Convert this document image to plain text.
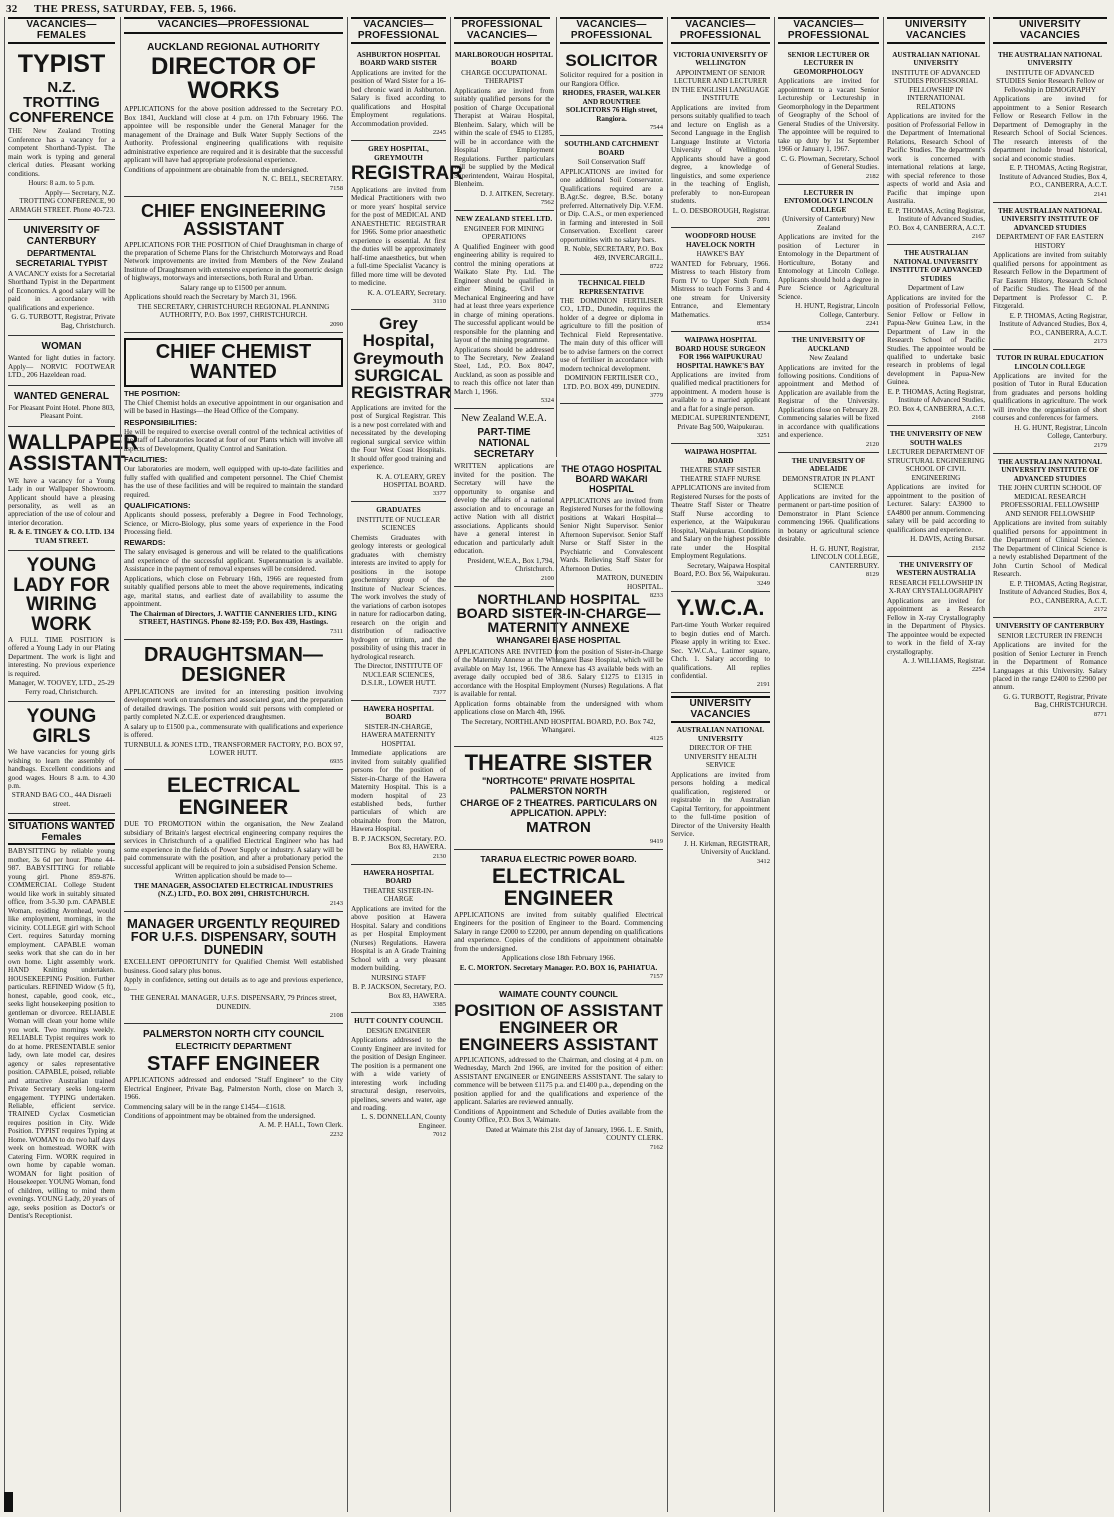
32 THE PRESS, SATURDAY, FEB. 5, 1966.
VACANCIES—FEMALES
TYPIST
N.Z. TROTTING CONFERENCE

THE New Zealand Trotting Conference has a vacancy for a competent Shorthand-Typist. The main work is typing and general clerical duties. Pleasant working conditions.

Hours: 8 a.m. to 5 p.m.

Apply— Secretary, N.Z. TROTTING CONFERENCE, 90 ARMAGH STREET. Phone 40-723.

UNIVERSITY OF CANTERBURY
DEPARTMENTAL SECRETARIAL TYPIST

A VACANCY exists for a Secretarial Shorthand Typist in the Department of Economics. A good salary will be paid in accordance with qualifications and experience.

G. G. TURBOTT, Registrar, Private Bag, Christchurch.

WOMAN

Wanted for light duties in factory. Apply— NORVIC FOOTWEAR LTD., 206 Hazeldean road.

WANTED GENERAL

For Pleasant Point Hotel. Phone 803, Pleasant Point.

WALLPAPER ASSISTANT

WE have a vacancy for a Young Lady in our Wallpaper Showroom. Applicant should have a pleasing personality, as well as an appreciation of the use of colour and interior decoration.

R. & E. TINGEY & CO. LTD. 134 TUAM STREET.

YOUNG LADY FOR WIRING WORK

A FULL TIME POSITION is offered a Young Lady in our Plating Department. The work is light and interesting. No previous experience is required.

Manager, W. TOOVEY, LTD., 25-29 Ferry road, Christchurch.

YOUNG GIRLS

We have vacancies for young girls wishing to learn the assembly of handbags. Excellent conditions and good wages. Hours 8 a.m. to 4.30 p.m.

STRAND BAG CO., 44A Disraeli street.

SITUATIONS WANTED Females

BABYSITTING by reliable young mother, 3s 6d per hour. Phone 44-987. BABYSITTING for reliable young girl. Phone 859-876. COMMERCIAL College Student would like work in suitably situated office, from 3-5.30 p.m. CAPABLE Woman, residing Avonhead, would like employment, mornings, in the vicinity. COLLEGE girl with School Cert. requires Saturday morning employment. CAPABLE woman seeks work that she can do in her own home. Light assembly work. HAND Knitting undertaken. HOUSEKEEPING Position. Further particulars. REFINED Widow (5 ft), honest, capable, good cook, etc., seeks light housekeeping position to gentleman or divorcee. RELIABLE Woman will clean your home while you work. Two mornings weekly. RELIABLE Typist requires work to do at home. PRESENTABLE senior lady, own late model car, desires agency or sales representative position. CAPABLE, poised, reliable and attractive Australian trained Private Secretary seeks long-term engagement. TYPING undertaken. Reliable, efficient service. TRAINED Cyclax Cosmetician requires position in City. Wide Position. TYPIST requires Typing at Home. WOMAN to do two half days week on homestead. WORK with Catering Firm. WORK required in own home by capable woman. WOMAN for light position of Housekeeper. YOUNG Woman, fond of children, willing to mind them evenings. YOUNG Lady, 20 years of age, seeks position as Doctor's or Dentist's Receptionist.

VACANCIES—PROFESSIONAL
AUCKLAND REGIONAL AUTHORITY
DIRECTOR OF WORKS

APPLICATIONS for the above position addressed to the Secretary P.O. Box 1841, Auckland will close at 4 p.m. on 17th February 1966. The appointee will be responsible under the General Manager for the management of the Drainage and Bulk Water Supply Sections of the Authority. Professional engineering qualifications with requisite administrative experience are required and it is desirable that the successful applicant will have had appropriate professional experience.

Conditions of appointment are obtainable from the undersigned.

N. C. BELL, SECRETARY.

7158

CHIEF ENGINEERING ASSISTANT

APPLICATIONS FOR THE POSITION of Chief Draughtsman in charge of the preparation of Scheme Plans for the Christchurch Motorways and Road Network improvements are invited from Members of the New Zealand Institute of Draughtsmen with extensive experience in the geometric design of highways, motorways and intersections, both Rural and Urban.

Salary range up to £1500 per annum.

Applications should reach the Secretary by March 31, 1966.

THE SECRETARY, CHRISTCHURCH REGIONAL PLANNING AUTHORITY, P.O. Box 1997, CHRISTCHURCH.

2090

CHIEF CHEMIST WANTED
THE POSITION:

The Chief Chemist holds an executive appointment in our organisation and will be based in Hastings—the Head Office of the Company.

RESPONSIBILITIES:

He will be required to exercise overall control of the technical activities of the staff of Laboratories located at four of our Plants which will involve all aspects of Development, Quality Control and Sanitation.

FACILITIES:

Our laboratories are modern, well equipped with up-to-date facilities and fully staffed with qualified and competent personnel. The Chief Chemist has the use of these facilities and will be required to maintain the standard required.

QUALIFICATIONS:

Applicants should possess, preferably a Degree in Food Technology, Science, or Micro-Biology, plus some years of experience in the Food Processing field.

REWARDS:

The salary envisaged is generous and will be related to the qualifications and experience of the successful applicant. Superannuation is available. Assistance in the payment of removal expenses will be considered.

Applications, which close on February 16th, 1966 are requested from suitably qualified persons able to meet the above requirements, indicating age, marital status, and earliest date of availability to assume the appointment.

The Chairman of Directors, J. WATTIE CANNERIES LTD., KING STREET, HASTINGS. Phone 82-159; P.O. Box 439, Hastings.

7311

DRAUGHTSMAN—DESIGNER

APPLICATIONS are invited for an interesting position involving development work on transformers and associated gear, and the preparation of detailed drawings. The position would suit persons with completed or partly completed N.Z.C.E. or experienced draughtsmen.

A salary up to £1500 p.a., commensurate with qualifications and experience is offered.

TURNBULL & JONES LTD., TRANSFORMER FACTORY, P.O. BOX 97, LOWER HUTT.

6935

ELECTRICAL ENGINEER

DUE TO PROMOTION within the organisation, the New Zealand subsidiary of Britain's largest electrical engineering company requires the services in Christchurch of a qualified Electrical Engineer who has had some experience in the fields of Power Supply or industry. A salary will be paid commensurate with the position, and after a probationary period the successful applicant will be required to join a subsidised Pension Scheme.

Written application should be made to—

THE MANAGER, ASSOCIATED ELECTRICAL INDUSTRIES (N.Z.) LTD., P.O. BOX 2091, CHRISTCHURCH.

2143

MANAGER URGENTLY REQUIRED FOR U.F.S. DISPENSARY, SOUTH DUNEDIN

EXCELLENT OPPORTUNITY for Qualified Chemist Well established business. Good salary plus bonus.

Apply in confidence, setting out details as to age and previous experience, to—

THE GENERAL MANAGER, U.F.S. DISPENSARY, 79 Princes street, DUNEDIN.

2108

PALMERSTON NORTH CITY COUNCIL
ELECTRICITY DEPARTMENT
STAFF ENGINEER

APPLICATIONS addressed and endorsed "Staff Engineer" to the City Electrical Engineer, Private Bag, Palmerston North, close on March 3, 1966.

Commencing salary will be in the range £1454—£1618.

Conditions of appointment may be obtained from the undersigned.

A. M. P. HALL, Town Clerk.

2232

VACANCIES—PROFESSIONAL
ASHBURTON HOSPITAL BOARD WARD SISTER

Applications are invited for the position of Ward Sister for a 16-bed chronic ward in Ashburton. Salary is fixed according to qualifications and Hospital Employment regulations. Accommodation provided.

2245

GREY HOSPITAL, GREYMOUTH
REGISTRAR

Applications are invited from Medical Practitioners with two or more years' hospital service for the post of MEDICAL AND ANAESTHETIC REGISTRAR for 1966. Some prior anaesthetic experience is essential. At first the duties will be approximately half-time anaesthetics, but when a full-time Specialist Vacancy is filled more time will be devoted to medicine.

K. A. O'LEARY, Secretary.

3110

Grey Hospital, Greymouth SURGICAL REGISTRAR

Applications are invited for the post of Surgical Registrar. This is a new post correlated with and necessitated by the developing regional surgical service within the Four West Coast Hospitals. It should offer good training and experience.

K. A. O'LEARY, GREY HOSPITAL BOARD.

3377

GRADUATES
INSTITUTE OF NUCLEAR SCIENCES

Chemists Graduates with geology interests or geological graduates with chemistry interests are invited to apply for positions in the isotope geochemistry group of the Institute of Nuclear Sciences. The work involves the study of the variations of carbon isotopes in nature for radiocarbon dating, research on the origin and distribution of radioactive hydrogen or tritium, and the possibility of using this tracer in hydrological research.

The Director, INSTITUTE OF NUCLEAR SCIENCES, D.S.I.R., LOWER HUTT.

7377

HAWERA HOSPITAL BOARD
SISTER-IN-CHARGE, HAWERA MATERNITY HOSPITAL

Immediate applications are invited from suitably qualified persons for the position of Sister-in-Charge of the Hawera Maternity Hospital. This is a modern hospital of 23 established beds, further particulars of which are obtainable from the Matron, Hawera Hospital.

B. P. JACKSON, Secretary. P.O. Box 83, HAWERA.

2130

HAWERA HOSPITAL BOARD
THEATRE SISTER-IN-CHARGE

Applications are invited for the above position at Hawera Hospital. Salary and conditions as per Hospital Employment (Nurses) Regulations. Hawera Hospital is an A Grade Training School with a very pleasant modern building.

NURSING STAFF

B. P. JACKSON, Secretary, P.O. Box 83, HAWERA.

3385

HUTT COUNTY COUNCIL
DESIGN ENGINEER

Applications addressed to the County Engineer are invited for the position of Design Engineer. The position is a permanent one with a wide variety of interesting work including structural design, reservoirs, pipelines, sewers and water, age and roading.

L. S. DONNELLAN, County Engineer.

7012

PROFESSIONAL VACANCIES—
MARLBOROUGH HOSPITAL BOARD
CHARGE OCCUPATIONAL THERAPIST

Applications are invited from suitably qualified persons for the position of Charge Occupational Therapist at Wairau Hospital, Blenheim. Salary, which will be within the scale of £945 to £1285, will be in accordance with the Hospital Employment Regulations. Further particulars will be supplied by the Medical Superintendent, Wairau Hospital, Blenheim.

D. J. AITKEN, Secretary.

7562

NEW ZEALAND STEEL LTD.
ENGINEER FOR MINING OPERATIONS

A Qualified Engineer with good engineering ability is required to control the mining operations at Waikato Slate Pty. Ltd. The Engineer should be qualified in either Mining, Civil or Mechanical Engineering and have had at least three years experience in charge of mining operations. The successful applicant would be responsible for the planning and layout of the mining programme.

Applications should be addressed to The Secretary, New Zealand Steel, Ltd., P.O. Box 8047, Auckland, as soon as possible and to reach this office not later than March 1, 1966.

5324

New Zealand W.E.A.
PART-TIME NATIONAL SECRETARY

WRITTEN applications are invited for the position. The Secretary will have the opportunity to organise and develop the affairs of a national association and to encourage an active Nation with all district associations. Applicants should have a general interest in education and particularly adult education.

President, W.E.A., Box 1,794, Christchurch.

2100

NORTHLAND HOSPITAL BOARD SISTER-IN-CHARGE—MATERNITY ANNEXE
WHANGAREI BASE HOSPITAL

APPLICATIONS ARE INVITED from the position of Sister-in-Charge of the Maternity Annexe at the Whangarei Base Hospital, which will be available on May 1st, 1966. The Annexe has 43 available beds with an average daily occupied bed of 38.6. Salary £1275 to £1315 in accordance with the Hospital Employment (Nurses) Regulations. A flat is available for rental.

Application forms obtainable from the undersigned with whom applications close on March 4th, 1966.

The Secretary, NORTHLAND HOSPITAL BOARD, P.O. Box 742, Whangarei.

4125

THEATRE SISTER
"NORTHCOTE" PRIVATE HOSPITAL PALMERSTON NORTH
CHARGE OF 2 THEATRES. PARTICULARS ON APPLICATION. APPLY:
MATRON

9419

TARARUA ELECTRIC POWER BOARD.
ELECTRICAL ENGINEER

APPLICATIONS are invited from suitably qualified Electrical Engineers for the position of Engineer to the Board. Commencing Salary in range £2000 to £2200, per annum depending on qualifications and experience. Copies of the conditions of appointment obtainable from the undersigned.

Applications close 18th February 1966.

E. C. MORTON. Secretary Manager. P.O. BOX 16, PAHIATUA.

7157

WAIMATE COUNTY COUNCIL
POSITION OF ASSISTANT ENGINEER OR ENGINEERS ASSISTANT

APPLICATIONS, addressed to the Chairman, and closing at 4 p.m. on Wednesday, March 2nd 1966, are invited for the position of either: ASSISTANT ENGINEER or ENGINEERS ASSISTANT. The salary to commence will be between £1175 p.a. and £1400 p.a., depending on the position applied for and the qualifications and experience of the applicant. Salaries are reviewed annually.

Conditions of Appointment and Schedule of Duties available from the County Office, P.O. Box 3, Waimate.

Dated at Waimate this 21st day of January, 1966. L. E. Smith, COUNTY CLERK.

7162

VACANCIES—PROFESSIONAL
SOLICITOR

Solicitor required for a position in our Rangiora Office.

RHODES, FRASER, WALKER AND ROUNTREE SOLICITORS 76 High street, Rangiora.

7544

SOUTHLAND CATCHMENT BOARD
Soil Conservation Staff

APPLICATIONS are invited for one additional Soil Conservator. Qualifications required are a B.Agr.Sc. degree, B.Sc. botany preferred. Alternatively Dip. V.F.M. or Dip. C.A.S., or men experienced in farming and interested in Soil Conservation. Excellent career opportunities with no salary bars.

R. Noble, SECRETARY, P.O. Box 469, INVERCARGILL.

8722

TECHNICAL FIELD REPRESENTATIVE

THE DOMINION FERTILISER CO., LTD., Dunedin, requires the holder of a degree or diploma in agriculture to fill the position of Technical Field Representative. The main duty of this officer will be to advise farmers on the correct use of fertiliser in accordance with modern technical development.

DOMINION FERTILISER CO., LTD. P.O. BOX 499, DUNEDIN.

3779

THE OTAGO HOSPITAL BOARD WAKARI HOSPITAL

APPLICATIONS are invited from Registered Nurses for the following positions at Wakari Hospital— Senior Night Supervisor. Senior Afternoon Supervisor. Senior Staff Nurse or Staff Sister in the Psychiatric and Convalescent Wards. Relieving Staff Sister for Afternoon Duties.

MATRON, DUNEDIN HOSPITAL.

8233

VACANCIES—PROFESSIONAL
VICTORIA UNIVERSITY OF WELLINGTON
APPOINTMENT OF SENIOR LECTURER AND LECTURER IN THE ENGLISH LANGUAGE INSTITUTE

Applications are invited from persons suitably qualified to teach and lecture on English as a Second Language in the English Language Institute at Victoria University of Wellington. Applicants should have a good degree, a knowledge of linguistics, and some experience in the teaching of English, preferably to non-European students.

L. O. DESBOROUGH, Registrar.

2091

WOODFORD HOUSE HAVELOCK NORTH
HAWKE'S BAY

WANTED for February, 1966. Mistress to teach History from Form IV to Upper Sixth Form. Mistress to teach Forms 3 and 4 one stream for University Entrance, and Elementary Mathematics.

8534

WAIPAWA HOSPITAL BOARD HOUSE SURGEON FOR 1966 WAIPUKURAU HOSPITAL HAWKE'S BAY

Applications are invited from qualified medical practitioners for appointment. A modern house is available to a married applicant and a flat for a single person.

MEDICAL SUPERINTENDENT, Private Bag 500, Waipukurau.

3251

WAIPAWA HOSPITAL BOARD
THEATRE STAFF SISTER THEATRE STAFF NURSE

APPLICATIONS are invited from Registered Nurses for the posts of Theatre Staff Sister or Theatre Staff Nurse according to experience, at the Waipukurau Hospital, Waipukurau. Conditions and Salary on the highest possible rate under the Hospital Employment Regulations.

Secretary, Waipawa Hospital Board, P.O. Box 56, Waipukurau.

3249

Y.W.C.A.

Part-time Youth Worker required to begin duties end of March. Please apply in writing to: Exec. Sec. Y.W.C.A., Latimer square, Chch. 1. Salary according to qualifications. All replies confidential.

2191

UNIVERSITY VACANCIES
AUSTRALIAN NATIONAL UNIVERSITY
DIRECTOR OF THE UNIVERSITY HEALTH SERVICE

Applications are invited from persons holding a medical qualification, registered or registrable in the Australian Capital Territory, for appointment to the full-time position of Director of the University Health Service.

J. H. Kirkman, REGISTRAR, University of Auckland.

3412

VACANCIES—PROFESSIONAL
SENIOR LECTURER OR LECTURER IN GEOMORPHOLOGY

Applications are invited for appointment to a vacant Senior Lectureship or Lectureship in Geomorphology in the Department of Geography of the School of General Studies of the University. The appointee will be required to take up duty by 1st September 1966 or January 1, 1967.

C. G. Plowman, Secretary, School of General Studies.

2182

LECTURER IN ENTOMOLOGY LINCOLN COLLEGE
(University of Canterbury) New Zealand

Applications are invited for the position of Lecturer in Entomology in the Department of Horticulture, Botany and Entomology at Lincoln College. Applicants should hold a degree in Pure Science or Agricultural Science.

H. HUNT, Registrar, Lincoln College, Canterbury.

2241

THE UNIVERSITY OF AUCKLAND
New Zealand

Applications are invited for the following positions. Conditions of appointment and Method of Application are available from the Registrar of the University. Applications close on February 28. Commencing salaries will be fixed in accordance with qualifications and experience.

2120

THE UNIVERSITY OF ADELAIDE
DEMONSTRATOR IN PLANT SCIENCE

Applications are invited for the permanent or part-time position of Demonstrator in Plant Science commencing 1966. Qualifications in botany or agricultural science desirable.

H. G. HUNT, Registrar, LINCOLN COLLEGE, CANTERBURY.

8129

UNIVERSITY VACANCIES
AUSTRALIAN NATIONAL UNIVERSITY
INSTITUTE OF ADVANCED STUDIES PROFESSORIAL FELLOWSHIP IN INTERNATIONAL RELATIONS

Applications are invited for the position of Professorial Fellow in the Department of International Relations, Research School of Pacific Studies. The department's work is concerned with international relations at large, with special reference to those aspects of world and Asia and Pacific that impinge upon Australia.

E. P. THOMAS, Acting Registrar, Institute of Advanced Studies, P.O. Box 4, CANBERRA, A.C.T.

2167

THE AUSTRALIAN NATIONAL UNIVERSITY INSTITUTE OF ADVANCED STUDIES
Department of Law

Applications are invited for the position of Professorial Fellow, Senior Fellow or Fellow in Papua-New Guinea Law, in the Department of Law in the Research School of Pacific Studies. The appointee would be qualified to undertake basic research in problems of legal development in Papua-New Guinea.

E. P. THOMAS, Acting Registrar, Institute of Advanced Studies, P.O. Box 4, CANBERRA, A.C.T.

2168

THE UNIVERSITY OF NEW SOUTH WALES
LECTURER DEPARTMENT OF STRUCTURAL ENGINEERING SCHOOL OF CIVIL ENGINEERING

Applications are invited for appointment to the position of Lecturer. Salary: £A3900 to £A4800 per annum. Commencing salary will be paid according to qualifications and experience.

H. DAVIS, Acting Bursar.

2152

THE UNIVERSITY OF WESTERN AUSTRALIA
RESEARCH FELLOWSHIP IN X-RAY CRYSTALLOGRAPHY

Applications are invited for appointment as a Research Fellow in X-ray Crystallography in the Department of Physics. The appointee would be expected to work in the field of X-ray crystallography.

A. J. WILLIAMS, Registrar.

2254

UNIVERSITY VACANCIES
THE AUSTRALIAN NATIONAL UNIVERSITY
INSTITUTE OF ADVANCED STUDIES Senior Research Fellow or Fellowship in DEMOGRAPHY

Applications are invited for appointment to a Senior Research Fellow or Research Fellow in the Department of Demography in the Research School of Social Sciences. The research interests of the department include broad historical, social and economic studies.

E. P. THOMAS, Acting Registrar, Institute of Advanced Studies, Box 4, P.O., CANBERRA, A.C.T.

2141

THE AUSTRALIAN NATIONAL UNIVERSITY INSTITUTE OF ADVANCED STUDIES
DEPARTMENT OF FAR EASTERN HISTORY

Applications are invited from suitably qualified persons for appointment as Research Fellow in the Department of Far Eastern History, Research School of Pacific Studies. The Head of the Department is Professor C. P. Fitzgerald.

E. P. THOMAS, Acting Registrar, Institute of Advanced Studies, Box 4, P.O., CANBERRA, A.C.T.

2173

TUTOR IN RURAL EDUCATION LINCOLN COLLEGE

Applications are invited for the position of Tutor in Rural Education from graduates and persons holding qualifications in agriculture. The work will involve the organisation of short courses and conferences for farmers.

H. G. HUNT, Registrar, Lincoln College, Canterbury.

2179

THE AUSTRALIAN NATIONAL UNIVERSITY INSTITUTE OF ADVANCED STUDIES
THE JOHN CURTIN SCHOOL OF MEDICAL RESEARCH PROFESSORIAL FELLOWSHIP AND SENIOR FELLOWSHIP

Applications are invited from suitably qualified persons for appointment in the Department of Clinical Science. The Department of Clinical Science is a newly established Department of the John Curtin School of Medical Research.

E. P. THOMAS, Acting Registrar, Institute of Advanced Studies, Box 4, P.O., CANBERRA, A.C.T.

2172

UNIVERSITY OF CANTERBURY
SENIOR LECTURER IN FRENCH

Applications are invited for the position of Senior Lecturer in French in the Department of Romance Languages at this University. Salary placed in the range £2400 to £2900 per annum.

G. G. TURBOTT, Registrar, Private Bag, CHRISTCHURCH.

8771
